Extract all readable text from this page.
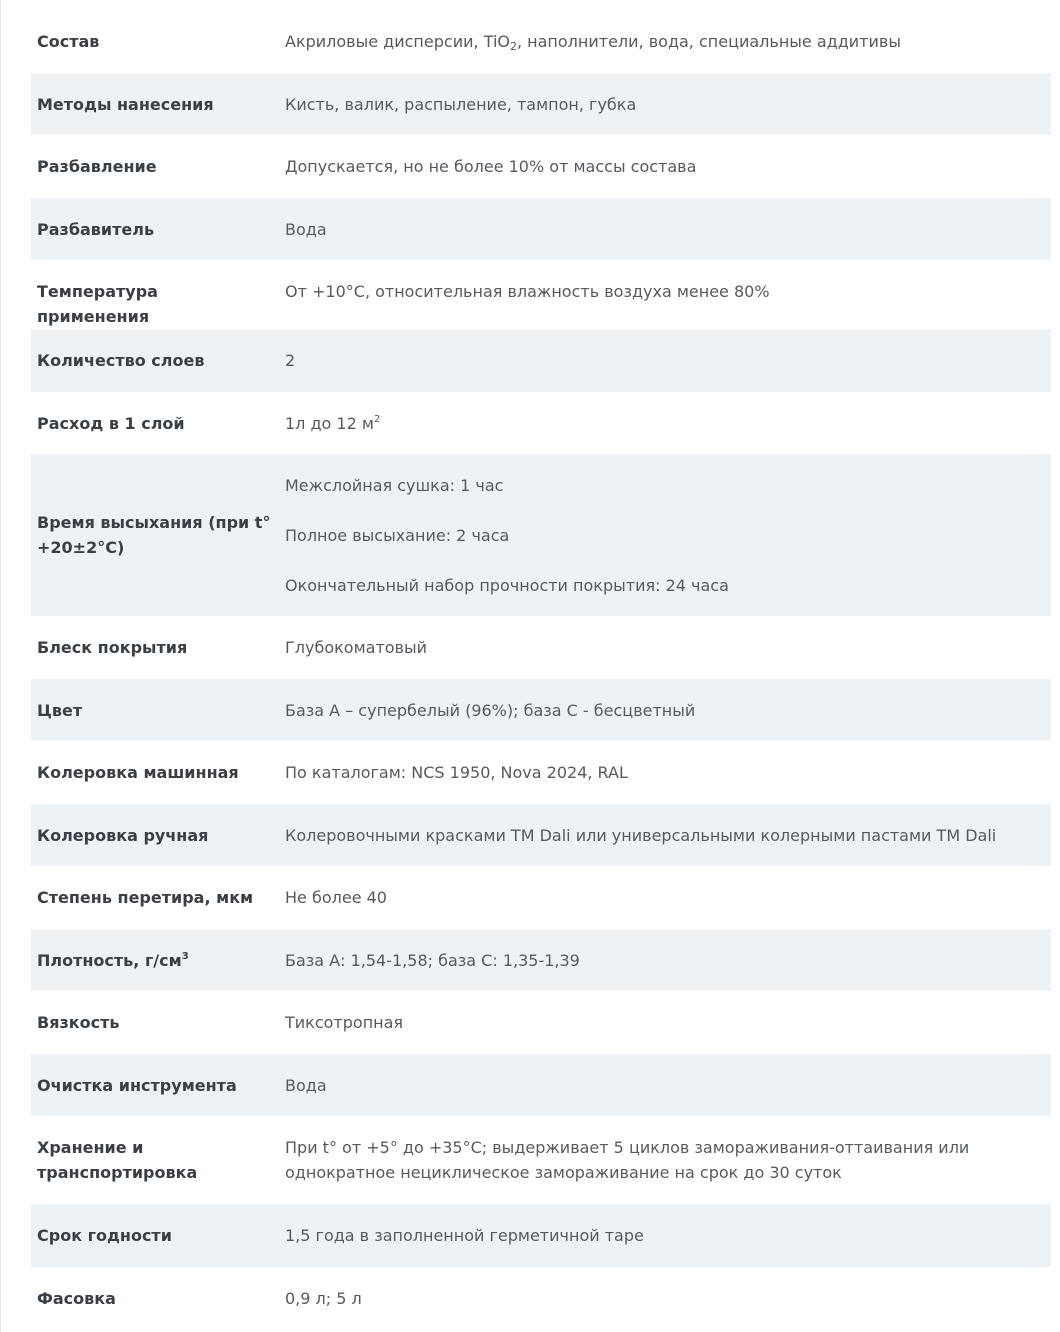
Состав	Акриловые дисперсии, TiO$_2$, наполнители, вода, специальные аддитивы
Методы нанесения	Кисть, валик, распыление, тампон, губка
Разбавление	Допускается, но не более 10% от массы состава
Разбавитель	Вода
Температура применения	От +10°С, относительная влажность воздуха менее 80%
Количество слоев	2
Расход в 1 слой	1л до 12 $м^2$
Время высыхания (при t° +20±2°С)	Межслойная сушка: 1 час
Полное высыхание: 2 часа
Окончательный набор прочности покрытия: 24 часа

Блеск покрытия	Глубокоматовый
Цвет	База А – супербелый (96%); база С - бесцветный
Колеровка машинная	По каталогам: NCS 1950, Nova 2024, RAL
Колеровка ручная	Колеровочными красками ТМ Dali или универсальными колерными пастами ТМ Dali
Степень перетира, мкм	Не более 40
Плотность, $г/см^3$	База А: 1,54-1,58; база С: 1,35-1,39
Вязкость	Тиксотропная
Очистка инструмента	Вода
Хранение и транспортировка	При t° от +5° до +35°С; выдерживает 5 циклов замораживания-оттаивания или однократное нециклическое замораживание на срок до 30 суток
Срок годности	1,5 года в заполненной герметичной таре
Фасовка	0,9 л; 5 л
